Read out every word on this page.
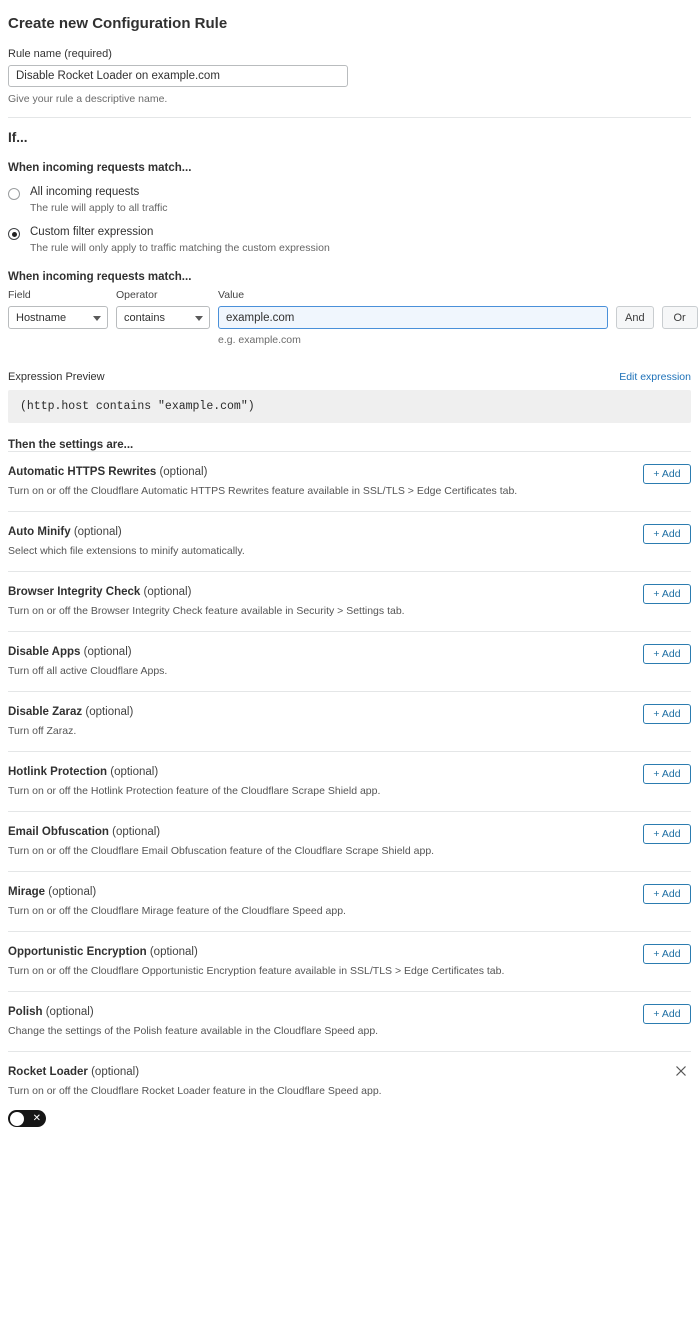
Create new Configuration Rule
Rule name (required)
Disable Rocket Loader on example.com
Give your rule a descriptive name.
If...
When incoming requests match...
All incoming requests
The rule will apply to all traffic
Custom filter expression
The rule will only apply to traffic matching the custom expression
When incoming requests match...
Field
Hostname
Operator
contains
Value
example.com
e.g. example.com

And
	Or
Expression Preview	Edit expression
(http.host contains "example.com")
Then the settings are...
Automatic HTTPS Rewrites (optional)
Turn on or off the Cloudflare Automatic HTTPS Rewrites feature available in SSL/TLS > Edge Certificates tab.
+ Add
Auto Minify (optional)
Select which file extensions to minify automatically.
+ Add
Browser Integrity Check (optional)
Turn on or off the Browser Integrity Check feature available in Security > Settings tab.
+ Add
Disable Apps (optional)
Turn off all active Cloudflare Apps.
+ Add
Disable Zaraz (optional)
Turn off Zaraz.
+ Add
Hotlink Protection (optional)
Turn on or off the Hotlink Protection feature of the Cloudflare Scrape Shield app.
+ Add
Email Obfuscation (optional)
Turn on or off the Cloudflare Email Obfuscation feature of the Cloudflare Scrape Shield app.
+ Add
Mirage (optional)
Turn on or off the Cloudflare Mirage feature of the Cloudflare Speed app.
+ Add
Opportunistic Encryption (optional)
Turn on or off the Cloudflare Opportunistic Encryption feature available in SSL/TLS > Edge Certificates tab.
+ Add
Polish (optional)
Change the settings of the Polish feature available in the Cloudflare Speed app.
+ Add
Rocket Loader (optional)
Turn on or off the Cloudflare Rocket Loader feature in the Cloudflare Speed app.
✕
